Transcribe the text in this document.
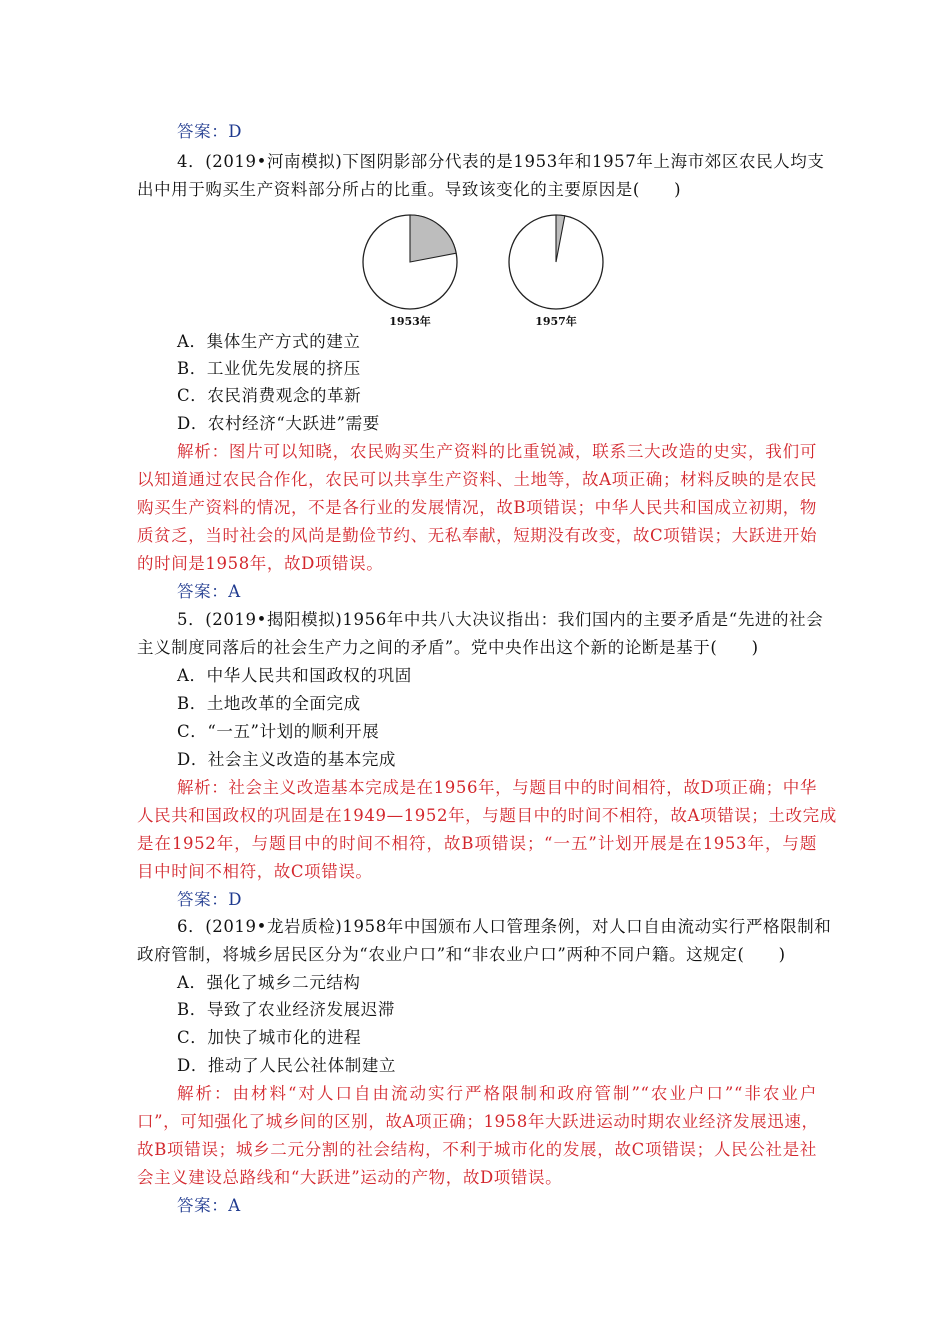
答案：D
4．(2019•河南模拟)下图阴影部分代表的是1953年和1957年上海市郊区农民人均支
出中用于购买生产资料部分所占的比重。导致该变化的主要原因是(　　)
1953年	1957年
A．集体生产方式的建立
B．工业优先发展的挤压
C．农民消费观念的革新
D．农村经济“大跃进”需要
解析：图片可以知晓，农民购买生产资料的比重锐减，联系三大改造的史实，我们可
以知道通过农民合作化，农民可以共享生产资料、土地等，故A项正确；材料反映的是农民
购买生产资料的情况，不是各行业的发展情况，故B项错误；中华人民共和国成立初期，物
质贫乏，当时社会的风尚是勤俭节约、无私奉献，短期没有改变，故C项错误；大跃进开始
的时间是1958年，故D项错误。
答案：A
5．(2019•揭阳模拟)1956年中共八大决议指出：我们国内的主要矛盾是“先进的社会
主义制度同落后的社会生产力之间的矛盾”。党中央作出这个新的论断是基于(　　)
A．中华人民共和国政权的巩固
B．土地改革的全面完成
C．“一五”计划的顺利开展
D．社会主义改造的基本完成
解析：社会主义改造基本完成是在1956年，与题目中的时间相符，故D项正确；中华
人民共和国政权的巩固是在1949—1952年，与题目中的时间不相符，故A项错误；土改完成
是在1952年，与题目中的时间不相符，故B项错误；“一五”计划开展是在1953年，与题
目中时间不相符，故C项错误。
答案：D
6．(2019•龙岩质检)1958年中国颁布人口管理条例，对人口自由流动实行严格限制和
政府管制，将城乡居民区分为“农业户口”和“非农业户口”两种不同户籍。这规定(　　)
A．强化了城乡二元结构
B．导致了农业经济发展迟滞
C．加快了城市化的进程
D．推动了人民公社体制建立
解析：由材料“对人口自由流动实行严格限制和政府管制”“农业户口”“非农业户
口”，可知强化了城乡间的区别，故A项正确；1958年大跃进运动时期农业经济发展迅速，
故B项错误；城乡二元分割的社会结构，不利于城市化的发展，故C项错误；人民公社是社
会主义建设总路线和“大跃进”运动的产物，故D项错误。
答案：A
